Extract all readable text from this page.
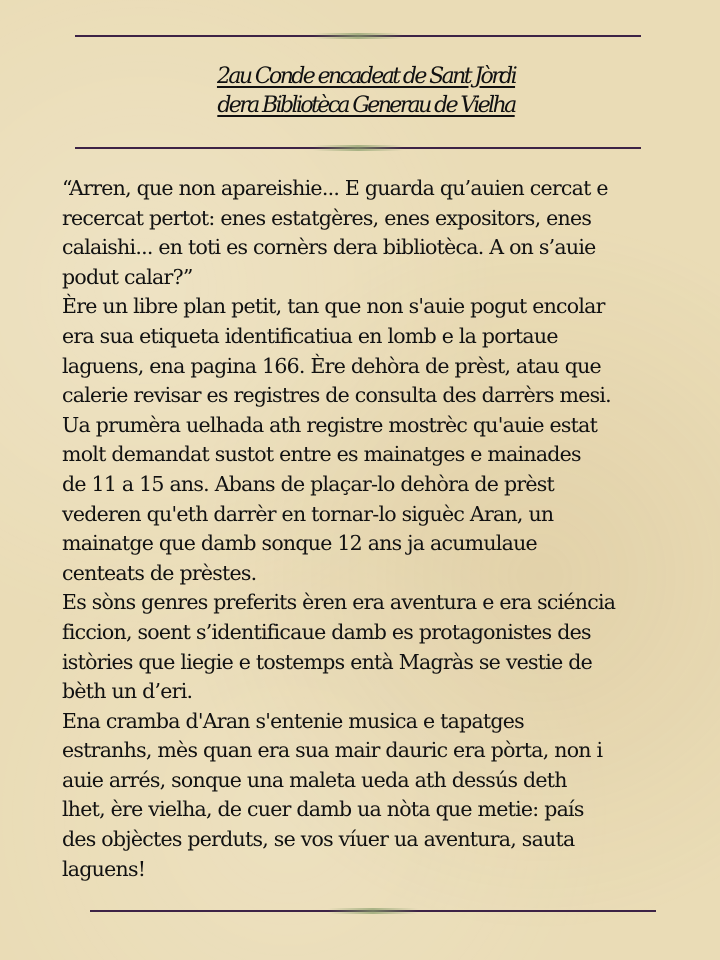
2au Conde encadeat de Sant Jòrdi
dera Bibliotèca Generau de Vielha
“Arren, que non apareishie... E guarda qu’auien cercat e
recercat pertot: enes estatgères, enes expositors, enes
calaishi... en toti es cornèrs dera bibliotèca. A on s’auie
podut calar?”
Ère un libre plan petit, tan que non s'auie pogut encolar
era sua etiqueta identificatiua en lomb e la portaue
laguens, ena pagina 166. Ère dehòra de prèst, atau que
calerie revisar es registres de consulta des darrèrs mesi.
Ua prumèra uelhada ath registre mostrèc qu'auie estat
molt demandat sustot entre es mainatges e mainades
de 11 a 15 ans. Abans de plaçar-lo dehòra de prèst
vederen qu'eth darrèr en tornar-lo siguèc Aran, un
mainatge que damb sonque 12 ans ja acumulaue
centeats de prèstes.
Es sòns genres preferits èren era aventura e era sciéncia
ficcion, soent s’identificaue damb es protagonistes des
istòries que liegie e tostemps entà Magràs se vestie de
bèth un d’eri.
Ena cramba d'Aran s'entenie musica e tapatges
estranhs, mès quan era sua mair dauric era pòrta, non i
auie arrés, sonque una maleta ueda ath dessús deth
lhet, ère vielha, de cuer damb ua nòta que metie: país
des objèctes perduts, se vos víuer ua aventura, sauta
laguens!
